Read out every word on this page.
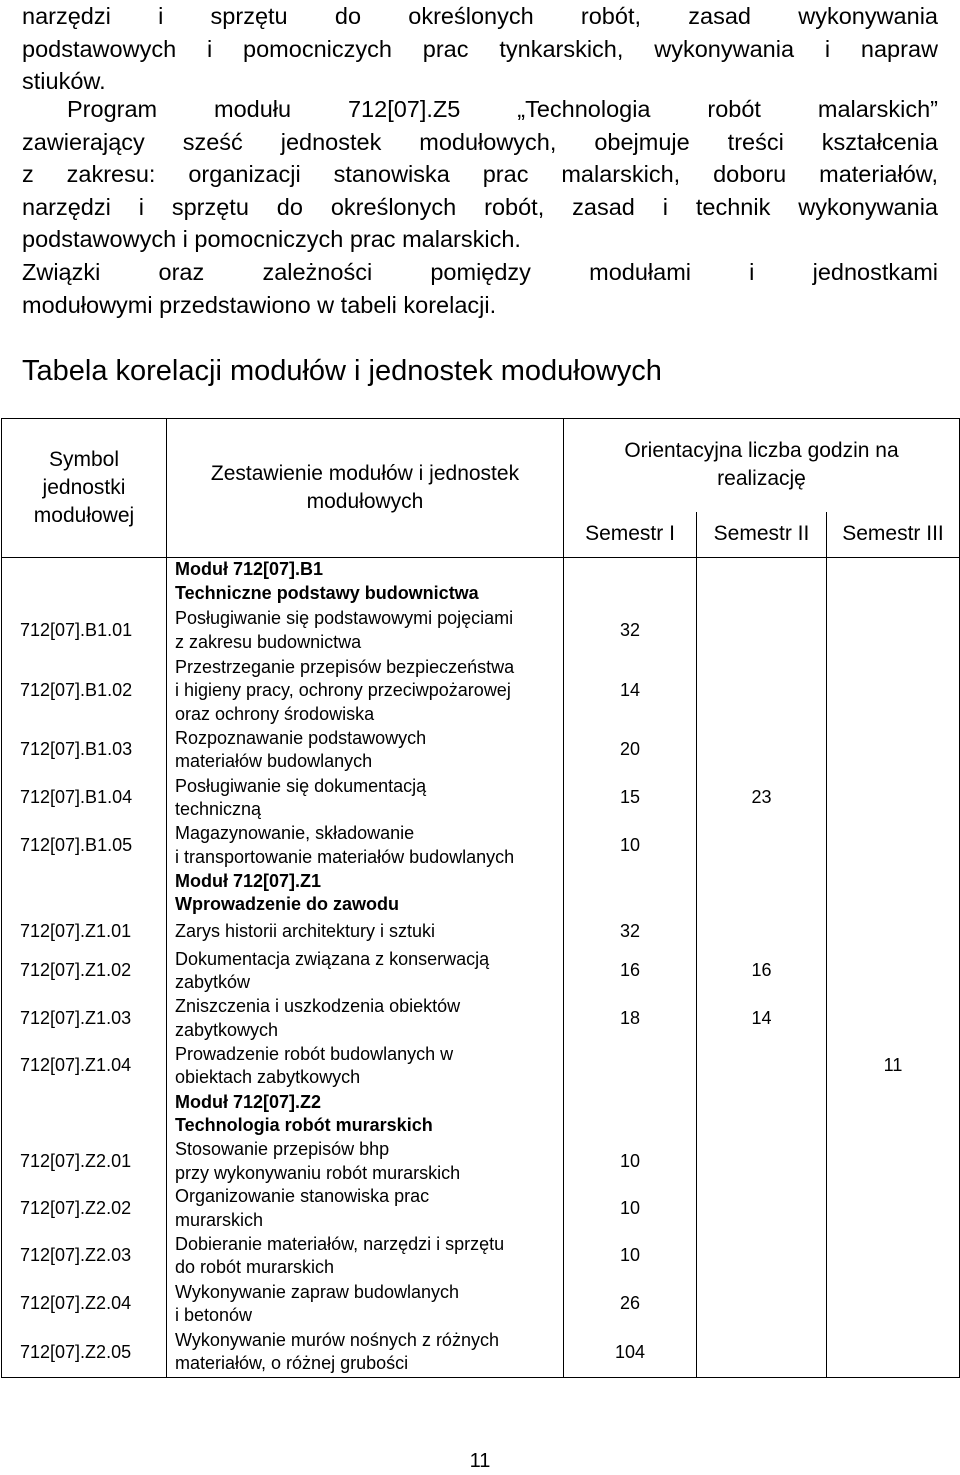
narzędzi i sprzętu do określonych robót, zasad wykonywania
podstawowych i pomocniczych prac tynkarskich, wykonywania i napraw
stiuków.
Program modułu 712[07].Z5 „Technologia robót malarskich”
zawierający sześć jednostek modułowych, obejmuje treści kształcenia
z zakresu: organizacji stanowiska prac malarskich, doboru materiałów,
narzędzi i sprzętu do określonych robót, zasad i technik wykonywania
podstawowych i pomocniczych prac malarskich.
Związki oraz zależności pomiędzy modułami i jednostkami
modułowymi przedstawiono w tabeli korelacji.
Tabela korelacji modułów i jednostek modułowych
Symbol jednostki modułowej	Zestawienie modułów i jednostek modułowych	Orientacyjna liczba godzin na realizację		

		Semestr I	Semestr II	Semestr III

	Moduł 712[07].B1
Techniczne podstawy budownictwa			

712[07].B1.01	Posługiwanie się podstawowymi pojęciami
z zakresu budownictwa	32		
712[07].B1.02	Przestrzeganie przepisów bezpieczeństwa
i higieny pracy, ochrony przeciwpożarowej
oraz ochrony środowiska	14		
712[07].B1.03	Rozpoznawanie podstawowych
materiałów budowlanych	20		
712[07].B1.04	Posługiwanie się dokumentacją
techniczną	15	23	
712[07].B1.05	Magazynowanie, składowanie
i transportowanie materiałów budowlanych	10		

	Moduł 712[07].Z1
Wprowadzenie do zawodu			

712[07].Z1.01	Zarys historii architektury i sztuki	32		
712[07].Z1.02	Dokumentacja związana z konserwacją
zabytków	16	16	
712[07].Z1.03	Zniszczenia i uszkodzenia obiektów
zabytkowych	18	14	
712[07].Z1.04	Prowadzenie robót budowlanych w
obiektach zabytkowych			11

	Moduł 712[07].Z2
Technologia robót murarskich			

712[07].Z2.01	Stosowanie przepisów bhp
przy wykonywaniu robót murarskich	10		
712[07].Z2.02	Organizowanie stanowiska prac
murarskich	10		
712[07].Z2.03	Dobieranie materiałów, narzędzi i sprzętu
do robót murarskich	10		
712[07].Z2.04	Wykonywanie zapraw budowlanych
i betonów	26		
712[07].Z2.05	Wykonywanie murów nośnych z różnych
materiałów, o różnej grubości	104		
11
